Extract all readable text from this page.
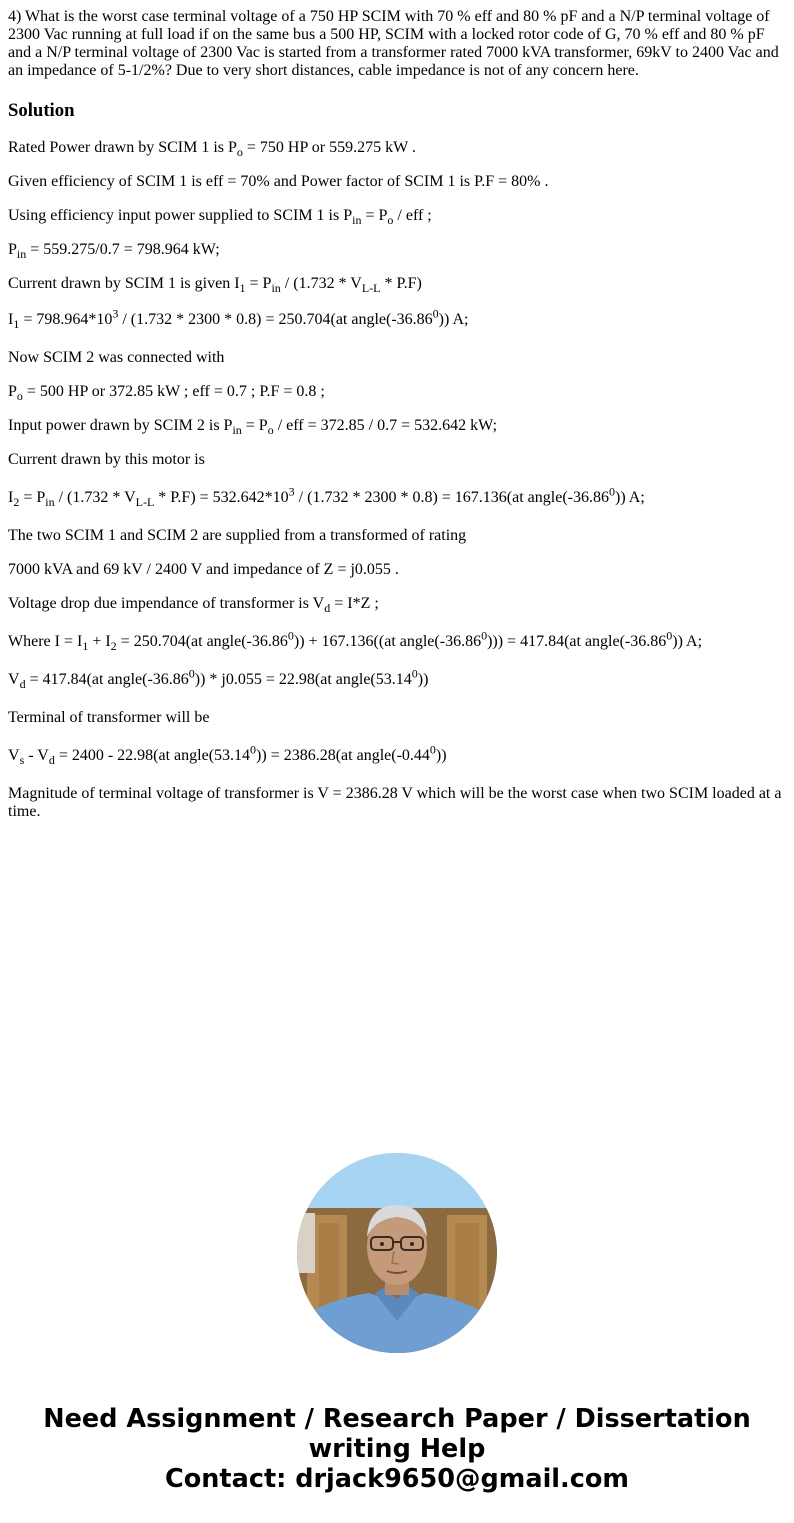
4) What is the worst case terminal voltage of a 750 HP SCIM with 70 % eff and 80 % pF and a N/P terminal voltage of 2300 Vac running at full load if on the same bus a 500 HP, SCIM with a locked rotor code of G, 70 % eff and 80 % pF and a N/P terminal voltage of 2300 Vac is started from a transformer rated 7000 kVA transformer, 69kV to 2400 Vac and an impedance of 5-1/2%? Due to very short distances, cable impedance is not of any concern here.

Solution

Rated Power drawn by SCIM 1 is $P_o = 750$ HP or 559.275 kW .

Given efficiency of SCIM 1 is eff = 70% and Power factor of SCIM 1 is P.F = 80% .

Using efficiency input power supplied to SCIM 1 is $P_{in} = P_o$ / eff ;

$P_{in} = 559.275/0.7 = 798.964$ kW;

Current drawn by SCIM 1 is given $I_1 = P_{in} / (1.732 * V_{L-L} * P.F)$

$I_1 = 798.964*10^3 / (1.732 * 2300 * 0.8) = 250.704(at$ angle(-36.86$^0$)) A;

Now SCIM 2 was connected with

$P_o = 500$ HP or 372.85 kW ; eff = 0.7 ; P.F = 0.8 ;

Input power drawn by SCIM 2 is $P_{in} = P_o$ / eff = 372.85 / 0.7 = 532.642 kW;

Current drawn by this motor is

$I_2 = P_{in} / (1.732 * V_{L-L} * P.F) = 532.642*10^3 / (1.732 * 2300 * 0.8) = 167.136(at$ angle(-36.86$^0$)) A;

The two SCIM 1 and SCIM 2 are supplied from a transformed of rating

7000 kVA and 69 kV / 2400 V and impedance of Z = j0.055 .

Voltage drop due impendance of transformer is $V_d = I*Z$ ;

Where $I = I_1 + I_2 = 250.704(at$ $angle(-36.86^0)) + 167.136((at$ $angle(-36.86^0))) = 417.84(at$ angle(-36.86$^0$)) A;

$V_d = 417.84(at$ angle(-36.86$^0$)) * j0.055 = 22.98(at angle(53.14$^0$))

Terminal of transformer will be

$V_s - V_d = 2400 - 22.98(at$ $angle(53.14^0)) = 2386.28(at$ angle(-0.44$^0$))

Magnitude of terminal voltage of transformer is V = 2386.28 V which will be the worst case when two SCIM loaded at a time.

Need Assignment / Research Paper / Dissertation
writing Help
Contact: drjack9650@gmail.com
